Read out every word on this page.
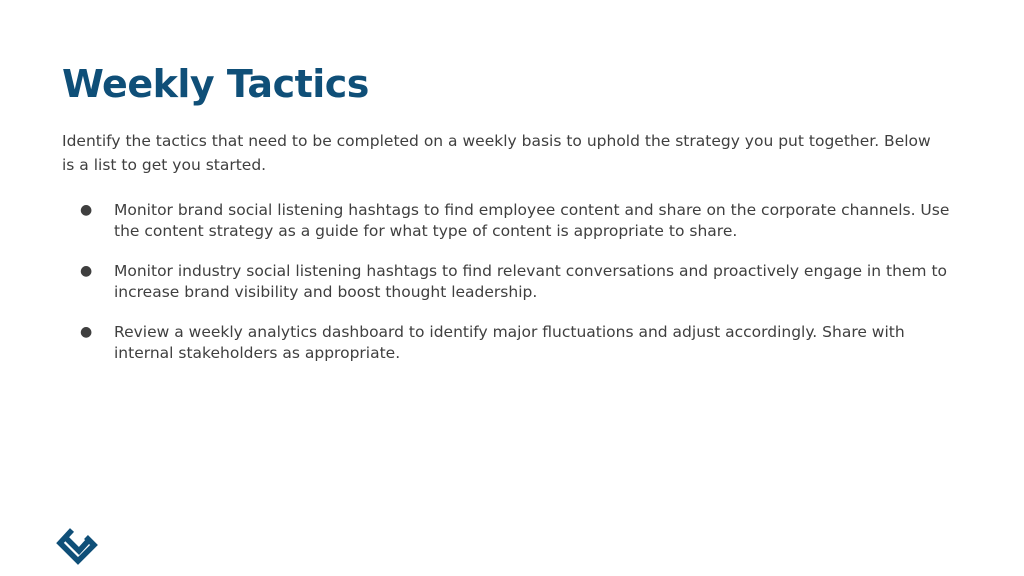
Weekly Tactics

Identify the tactics that need to be completed on a weekly basis to uphold the strategy you put together. Below is a list to get you started.

● Monitor brand social listening hashtags to find employee content and share on the corporate channels. Use the content strategy as a guide for what type of content is appropriate to share.
● Monitor industry social listening hashtags to find relevant conversations and proactively engage in them to increase brand visibility and boost thought leadership.
● Review a weekly analytics dashboard to identify major fluctuations and adjust accordingly. Share with internal stakeholders as appropriate.
